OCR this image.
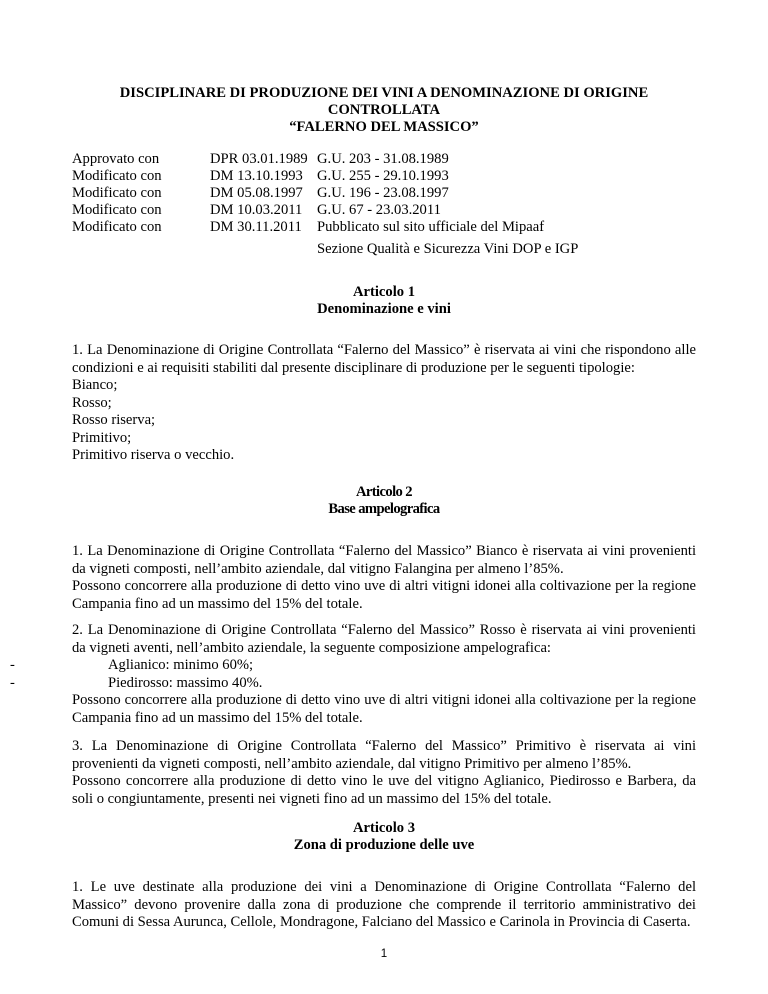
DISCIPLINARE DI PRODUZIONE DEI VINI A DENOMINAZIONE DI ORIGINE
CONTROLLATA
“FALERNO DEL MASSICO”
Approvato con	DPR 03.01.1989 G.U. 203 - 31.08.1989
Modificato con	DM 13.10.1993 G.U. 255 - 29.10.1993
Modificato con	DM 05.08.1997 G.U. 196 - 23.08.1997
Modificato con	DM 10.03.2011	G.U. 67 - 23.03.2011
Modificato con	DM 30.11.2011	Pubblicato sul sito ufficiale del Mipaaf
Sezione Qualità e Sicurezza Vini DOP e IGP
Articolo 1
Denominazione e vini

1. La Denominazione di Origine Controllata “Falerno del Massico” è riservata ai vini che rispondono alle condizioni e ai requisiti stabiliti dal presente disciplinare di produzione per le seguenti tipologie:

Bianco;
Rosso;
Rosso riserva;
Primitivo;
Primitivo riserva o vecchio.
Articolo 2
Base ampelografica

1. La Denominazione di Origine Controllata “Falerno del Massico” Bianco è riservata ai vini provenienti da vigneti composti, nell’ambito aziendale, dal vitigno Falangina per almeno l’85%.

Possono concorrere alla produzione di detto vino uve di altri vitigni idonei alla coltivazione per la regione Campania fino ad un massimo del 15% del totale.

2. La Denominazione di Origine Controllata “Falerno del Massico” Rosso è riservata ai vini provenienti da vigneti aventi, nell’ambito aziendale, la seguente composizione ampelografica:

-	Aglianico: minimo 60%;
-	Piedirosso: massimo 40%.

Possono concorrere alla produzione di detto vino uve di altri vitigni idonei alla coltivazione per la regione Campania fino ad un massimo del 15% del totale.

3. La Denominazione di Origine Controllata “Falerno del Massico” Primitivo è riservata ai vini provenienti da vigneti composti, nell’ambito aziendale, dal vitigno Primitivo per almeno l’85%.

Possono concorrere alla produzione di detto vino le uve del vitigno Aglianico, Piedirosso e Barbera, da soli o congiuntamente, presenti nei vigneti fino ad un massimo del 15% del totale.

Articolo 3
Zona di produzione delle uve

1. Le uve destinate alla produzione dei vini a Denominazione di Origine Controllata “Falerno del Massico” devono provenire dalla zona di produzione che comprende il territorio amministrativo dei Comuni di Sessa Aurunca, Cellole, Mondragone, Falciano del Massico e Carinola in Provincia di Caserta.

1
